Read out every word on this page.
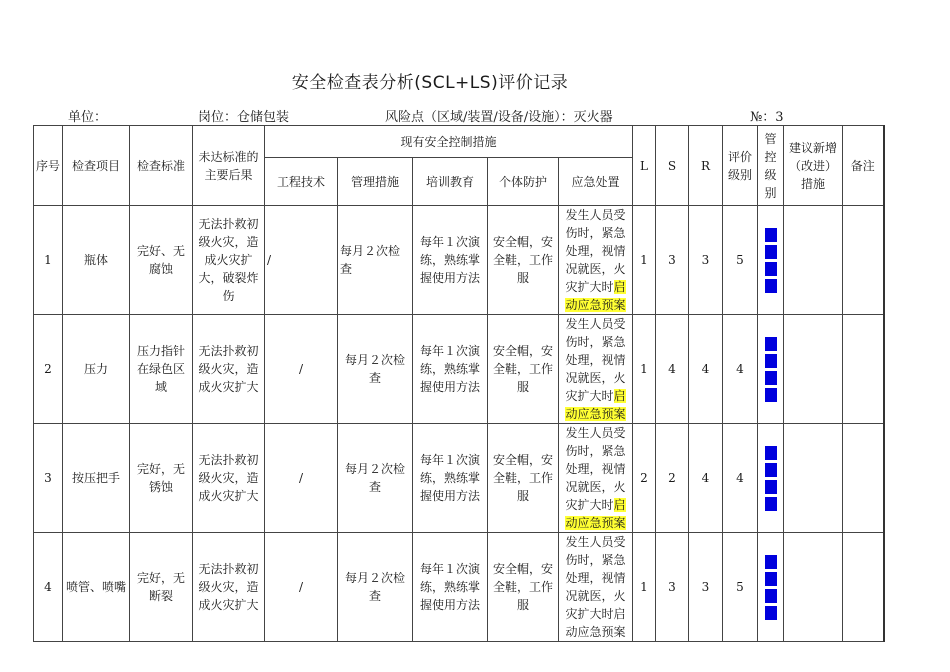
安全检查表分析(SCL+LS)评价记录
单位：	岗位：仓储包装	风险点（区域/装置/设备/设施）：灭火器	№：3
序号	检查项目	检查标准	未达标准的主要后果	现有安全控制措施					L	S	R	评价级别	管控级别	建议新增（改进）措施	备注
				工程技术	管理措施	培训教育	个体防护	应急处置							
1	瓶体	完好、无腐蚀	无法扑救初级火灾，造成火灾扩大，破裂炸伤	/	每月２次检查	每年１次演练，熟练掌握使用方法	安全帽，安全鞋，工作服	发生人员受伤时，紧急处理，视情况就医，火灾扩大时启动应急预案	1	3	3	5	

2	压力	压力指针在绿色区域	无法扑救初级火灾，造成火灾扩大	/	每月２次检查	每年１次演练，熟练掌握使用方法	安全帽，安全鞋，工作服	发生人员受伤时，紧急处理，视情况就医，火灾扩大时启动应急预案	1	4	4	4	

3	按压把手	完好，无锈蚀	无法扑救初级火灾，造成火灾扩大	/	每月２次检查	每年１次演练，熟练掌握使用方法	安全帽，安全鞋，工作服	发生人员受伤时，紧急处理，视情况就医，火灾扩大时启动应急预案	2	2	4	4	

4	喷管、喷嘴	完好，无断裂	无法扑救初级火灾，造成火灾扩大	/	每月２次检查	每年１次演练，熟练掌握使用方法	安全帽，安全鞋，工作服	发生人员受伤时，紧急处理，视情况就医，火灾扩大时启动应急预案	1	3	3	5	
